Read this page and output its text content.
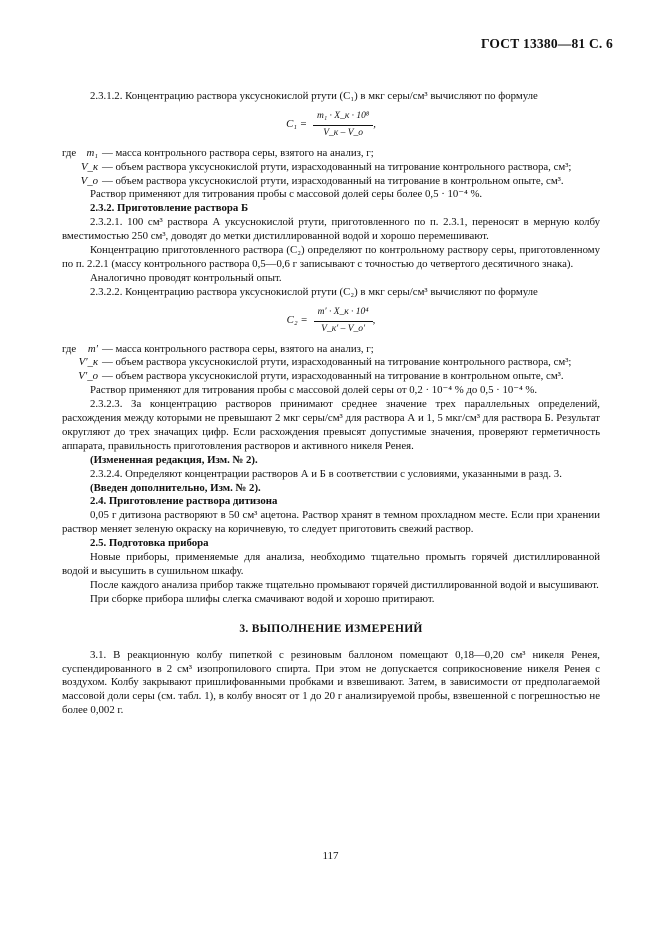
ГОСТ 13380—81 С. 6

2.3.1.2. Концентрацию раствора уксуснокислой ртути (C₁) в мкг серы/см³ вычисляют по формуле

$C_1 = \frac{\text{m₁ · X\_к · 10⁸}}{V\_к - V\_о}$ ,
где m₁ — масса контрольного раствора серы, взятого на анализ, г;
V_к — объем раствора уксуснокислой ртути, израсходованный на титрование контрольного раствора, см³;
V_о — объем раствора уксуснокислой ртути, израсходованный на титрование в контрольном опыте, см³.

Раствор применяют для титрования пробы с массовой долей серы более 0,5 · 10⁻⁴ %.

2.3.2. Приготовление раствора Б

2.3.2.1. 100 см³ раствора А уксуснокислой ртути, приготовленного по п. 2.3.1, переносят в мерную колбу вместимостью 250 см³, доводят до метки дистиллированной водой и хорошо перемешивают.

Концентрацию приготовленного раствора (C₂) определяют по контрольному раствору серы, приготовленному по п. 2.2.1 (массу контрольного раствора 0,5—0,6 г записывают с точностью до четвертого десятичного знака).

Аналогично проводят контрольный опыт.

2.3.2.2. Концентрацию раствора уксуснокислой ртути (C₂) в мкг серы/см³ вычисляют по формуле

$C_2 = \frac{\text{m′ · X\_к · 10⁴}}{V\_к' - V\_о'}$ ,
где	m′ — масса контрольного раствора серы, взятого на анализ, г;
V′_к — объем раствора уксуснокислой ртути, израсходованный на титрование контрольного раствора, см³;
V′_о — объем раствора уксуснокислой ртути, израсходованный на титрование в контрольном опыте, см³.

Раствор применяют для титрования пробы с массовой долей серы от 0,2 · 10⁻⁴ % до 0,5 · 10⁻⁴ %.

2.3.2.3. За концентрацию растворов принимают среднее значение трех параллельных определений, расхождения между которыми не превышают 2 мкг серы/см³ для раствора А и 1, 5 мкг/см³ для раствора Б. Результат округляют до трех значащих цифр. Если расхождения превысят допустимые значения, проверяют герметичность аппарата, правильность приготовления растворов и активного никеля Ренея.

(Измененная редакция, Изм. № 2).

2.3.2.4. Определяют концентрации растворов А и Б в соответствии с условиями, указанными в разд. 3.

(Введен дополнительно, Изм. № 2).

2.4. Приготовление раствора дитизона

0,05 г дитизона растворяют в 50 см³ ацетона. Раствор хранят в темном прохладном месте. Если при хранении раствор меняет зеленую окраску на коричневую, то следует приготовить свежий раствор.

2.5. Подготовка прибора

Новые приборы, применяемые для анализа, необходимо тщательно промыть горячей дистиллированной водой и высушить в сушильном шкафу.

После каждого анализа прибор также тщательно промывают горячей дистиллированной водой и высушивают.

При сборке прибора шлифы слегка смачивают водой и хорошо притирают.

3. ВЫПОЛНЕНИЕ ИЗМЕРЕНИЙ

3.1. В реакционную колбу пипеткой с резиновым баллоном помещают 0,18—0,20 см³ никеля Ренея, суспендированного в 2 см³ изопропилового спирта. При этом не допускается соприкосновение никеля Ренея с воздухом. Колбу закрывают пришлифованными пробками и взвешивают. Затем, в зависимости от предполагаемой массовой доли серы (см. табл. 1), в колбу вносят от 1 до 20 г анализируемой пробы, взвешенной с погрешностью не более 0,002 г.

117
